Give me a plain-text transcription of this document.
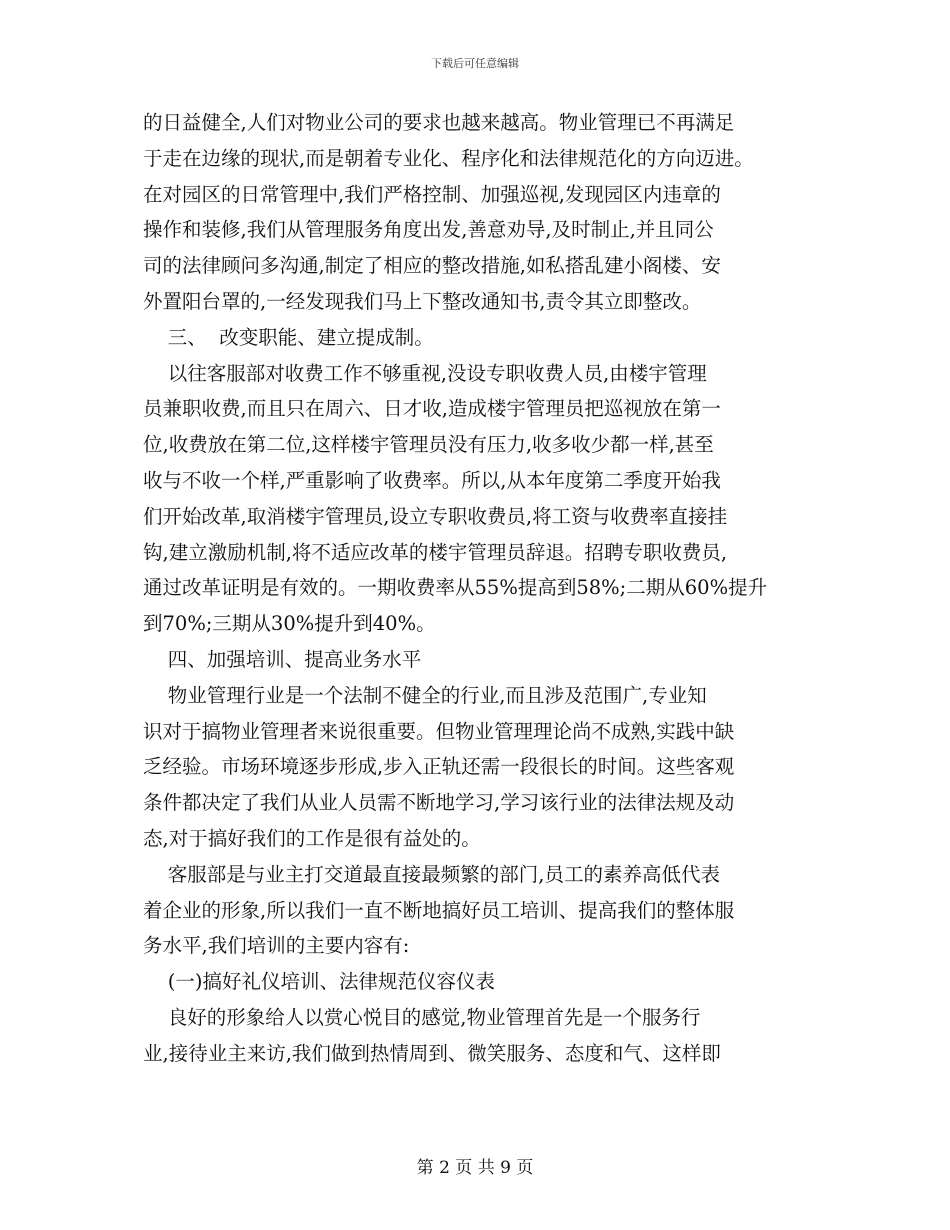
下载后可任意编辑
的日益健全,人们对物业公司的要求也越来越高。物业管理已不再满足
于走在边缘的现状,而是朝着专业化、程序化和法律规范化的方向迈进。
在对园区的日常管理中,我们严格控制、加强巡视,发现园区内违章的
操作和装修,我们从管理服务角度出发,善意劝导,及时制止,并且同公
司的法律顾问多沟通,制定了相应的整改措施,如私搭乱建小阁楼、安
外置阳台罩的,一经发现我们马上下整改通知书,责令其立即整改。
三、  改变职能、建立提成制。
以往客服部对收费工作不够重视,没设专职收费人员,由楼宇管理
员兼职收费,而且只在周六、日才收,造成楼宇管理员把巡视放在第一
位,收费放在第二位,这样楼宇管理员没有压力,收多收少都一样,甚至
收与不收一个样,严重影响了收费率。所以,从本年度第二季度开始我
们开始改革,取消楼宇管理员,设立专职收费员,将工资与收费率直接挂
钩,建立激励机制,将不适应改革的楼宇管理员辞退。招聘专职收费员,
通过改革证明是有效的。一期收费率从55%提高到58%;二期从60%提升
到70%;三期从30%提升到40%。
四、加强培训、提高业务水平
物业管理行业是一个法制不健全的行业,而且涉及范围广,专业知
识对于搞物业管理者来说很重要。但物业管理理论尚不成熟,实践中缺
乏经验。市场环境逐步形成,步入正轨还需一段很长的时间。这些客观
条件都决定了我们从业人员需不断地学习,学习该行业的法律法规及动
态,对于搞好我们的工作是很有益处的。
客服部是与业主打交道最直接最频繁的部门,员工的素养高低代表
着企业的形象,所以我们一直不断地搞好员工培训、提高我们的整体服
务水平,我们培训的主要内容有:
(一)搞好礼仪培训、法律规范仪容仪表
良好的形象给人以赏心悦目的感觉,物业管理首先是一个服务行
业,接待业主来访,我们做到热情周到、微笑服务、态度和气、这样即
第 2 页 共 9 页
